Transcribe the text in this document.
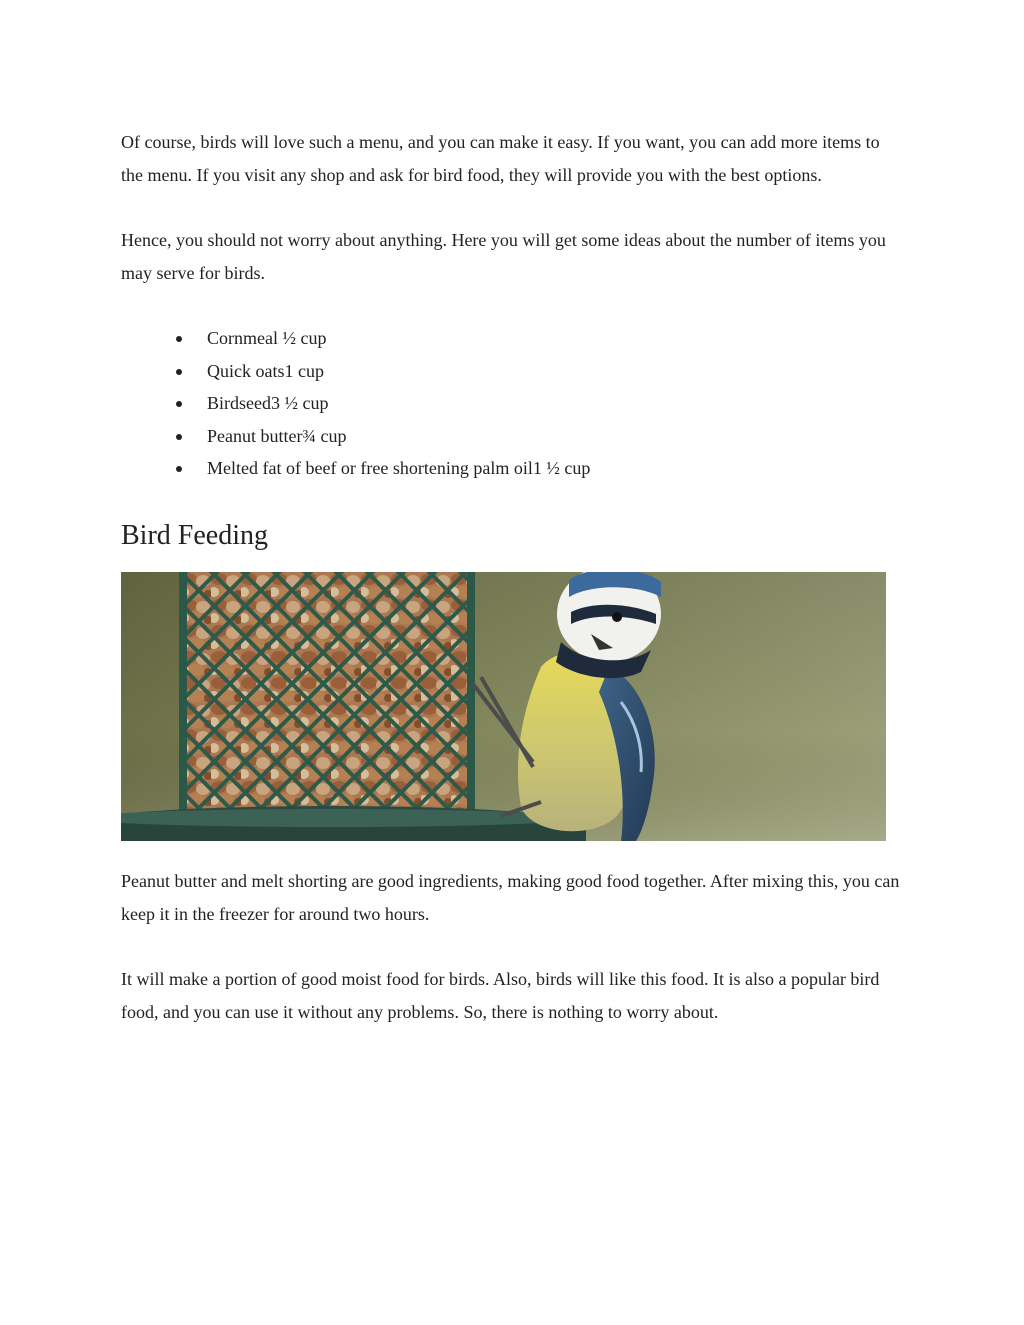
Of course, birds will love such a menu, and you can make it easy. If you want, you can add more items to the menu. If you visit any shop and ask for bird food, they will provide you with the best options.

Hence, you should not worry about anything. Here you will get some ideas about the number of items you may serve for birds.

Cornmeal ½ cup
Quick oats1 cup
Birdseed3 ½ cup
Peanut butter¾ cup
Melted fat of beef or free shortening palm oil1 ½ cup
Bird Feeding

Peanut butter and melt shorting are good ingredients, making good food together. After mixing this, you can keep it in the freezer for around two hours.

It will make a portion of good moist food for birds. Also, birds will like this food. It is also a popular bird food, and you can use it without any problems. So, there is nothing to worry about.
